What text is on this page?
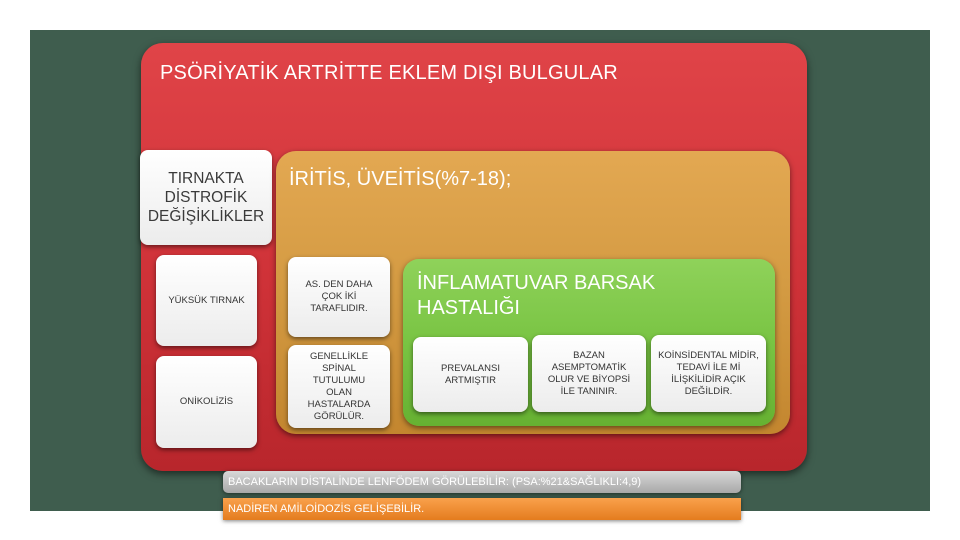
PSÖRİYATİK ARTRİTTE EKLEM DIŞI BULGULAR
TIRNAKTA DİSTROFİK DEĞİŞİKLİKLER
YÜKSÜK TIRNAK
ONİKOLİZİS
İRİTİS, ÜVEİTİS(%7-18);
AS. DEN DAHA ÇOK İKİ TARAFLIDIR.
GENELLİKLE SPİNAL TUTULUMU OLAN HASTALARDA GÖRÜLÜR.
İNFLAMATUVAR BARSAK HASTALIĞI
PREVALANSI ARTMIŞTIR
BAZAN ASEMPTOMATİK OLUR VE BİYOPSİ İLE TANINIR.
KOİNSİDENTAL MİDİR, TEDAVİ İLE Mİ İLİŞKİLİDİR AÇIK DEĞİLDİR.
BACAKLARIN DİSTALİNDE LENFÖDEM GÖRÜLEBİLİR: (PSA:%21&SAĞLIKLI:4,9)
NADİREN AMİLOİDOZİS GELİŞEBİLİR.
